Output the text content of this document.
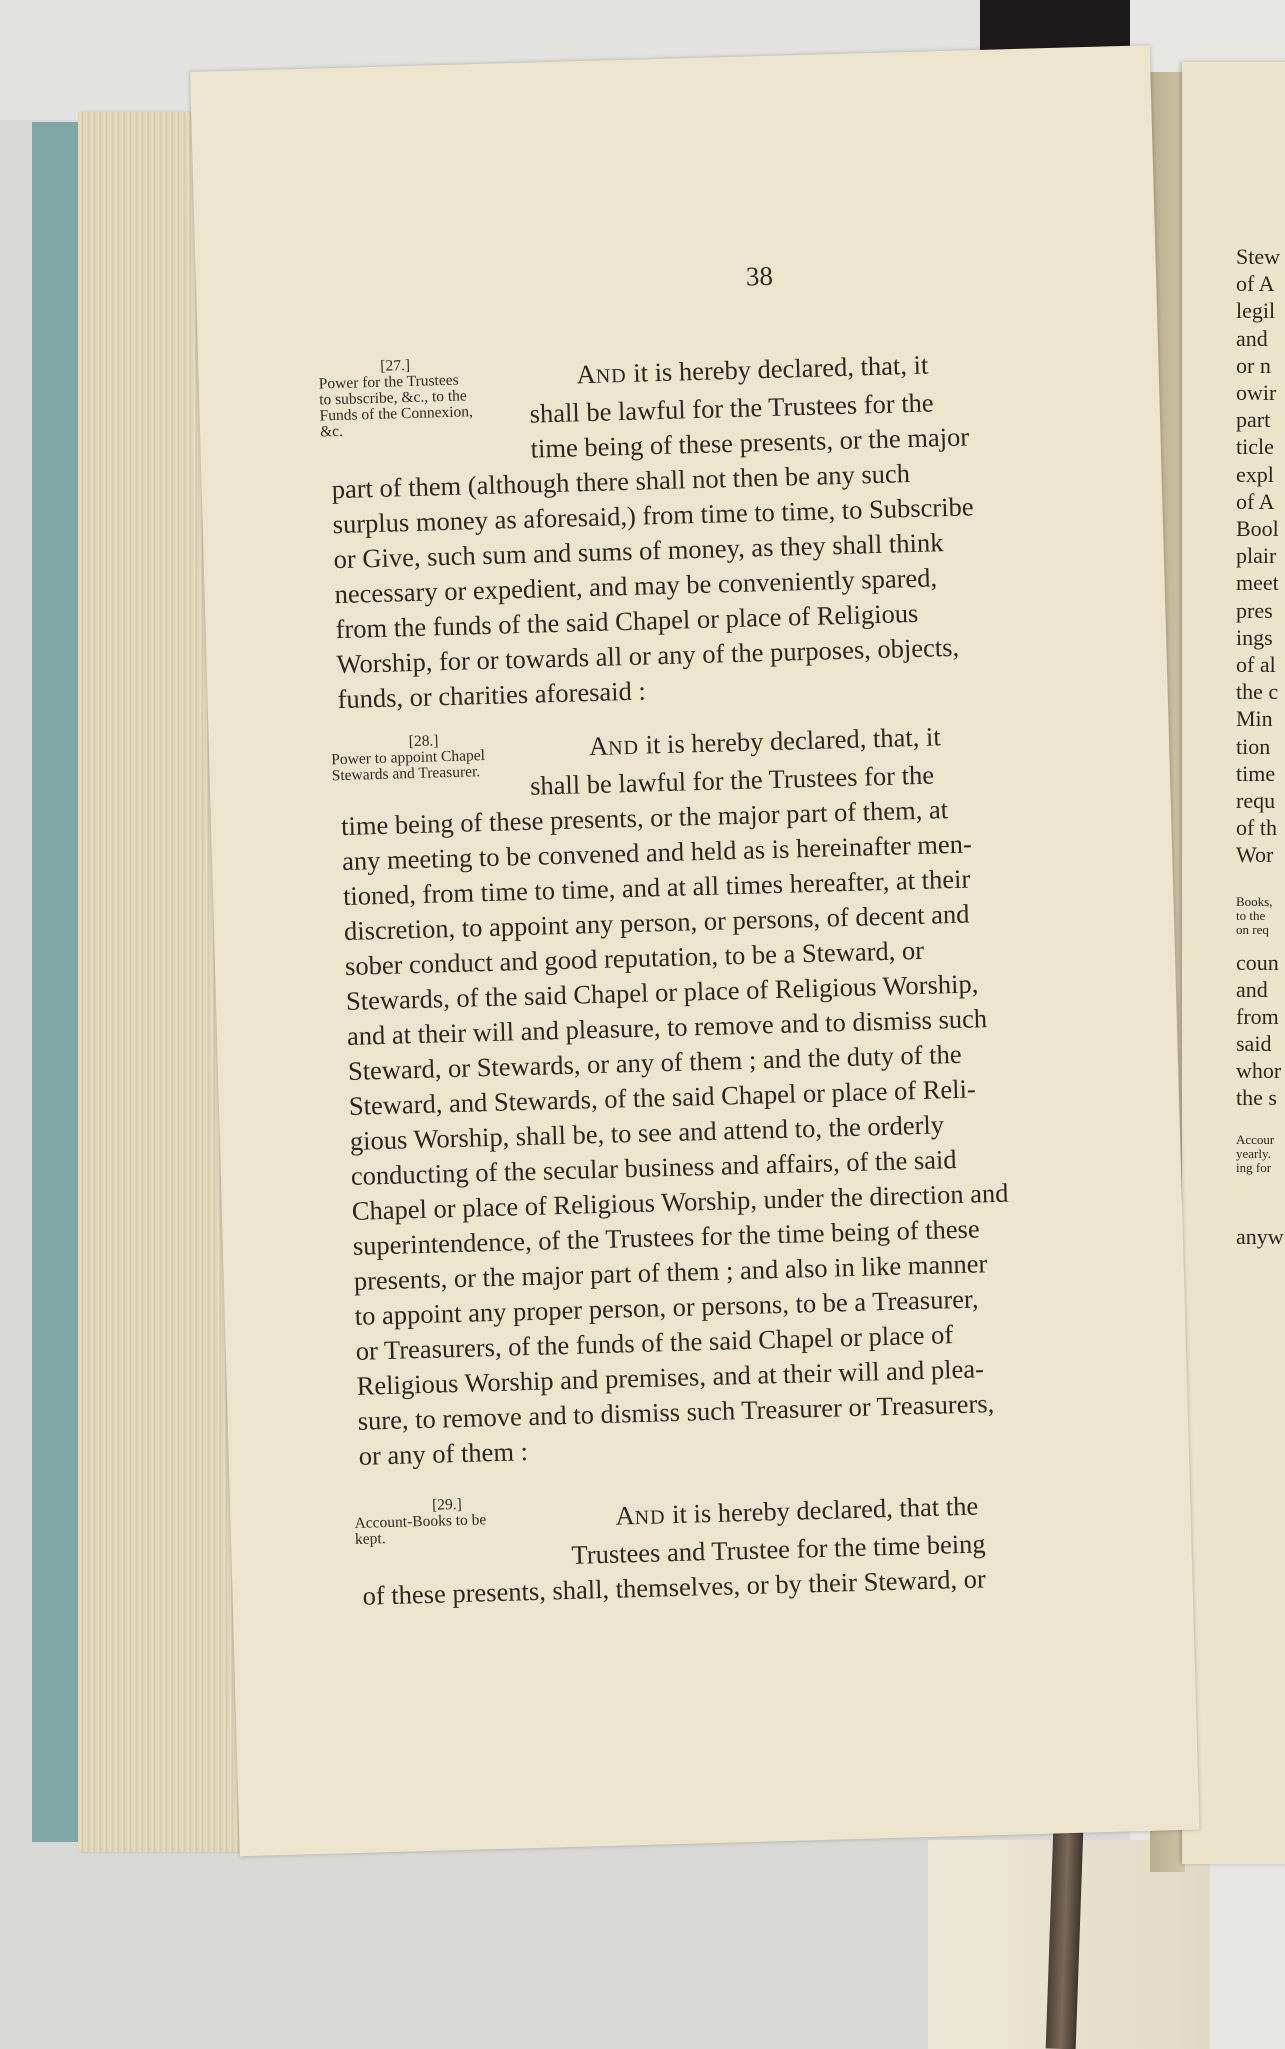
Stew
of A
legil
and
or n
owir
part
ticle
expl
of A
Bool
plair
meet
pres
ings
of al
the c
Min
tion
time
requ
of th
Wor
Books,
to the
on req
coun
and
from
said
whor
the s
Accour
yearly.
ing for
anyw
38
[27.]
Power for the Trustees
to subscribe, &c., to the
Funds of the Connexion,
&c.

AND it is hereby declared, that, it

shall be lawful for the Trustees for the

time being of these presents, or the major

part of them (although there shall not then be any such

surplus money as aforesaid,) from time to time, to Subscribe

or Give, such sum and sums of money, as they shall think

necessary or expedient, and may be conveniently spared,

from the funds of the said Chapel or place of Religious

Worship, for or towards all or any of the purposes, objects,

funds, or charities aforesaid :

[28.]
Power to appoint Chapel
Stewards and Treasurer.

AND it is hereby declared, that, it

shall be lawful for the Trustees for the

time being of these presents, or the major part of them, at

any meeting to be convened and held as is hereinafter men-

tioned, from time to time, and at all times hereafter, at their

discretion, to appoint any person, or persons, of decent and

sober conduct and good reputation, to be a Steward, or

Stewards, of the said Chapel or place of Religious Worship,

and at their will and pleasure, to remove and to dismiss such

Steward, or Stewards, or any of them ; and the duty of the

Steward, and Stewards, of the said Chapel or place of Reli-

gious Worship, shall be, to see and attend to, the orderly

conducting of the secular business and affairs, of the said

Chapel or place of Religious Worship, under the direction and

superintendence, of the Trustees for the time being of these

presents, or the major part of them ; and also in like manner

to appoint any proper person, or persons, to be a Treasurer,

or Treasurers, of the funds of the said Chapel or place of

Religious Worship and premises, and at their will and plea-

sure, to remove and to dismiss such Treasurer or Treasurers,

or any of them :

[29.]
Account-Books to be
kept.

AND it is hereby declared, that the

Trustees and Trustee for the time being

of these presents, shall, themselves, or by their Steward, or
